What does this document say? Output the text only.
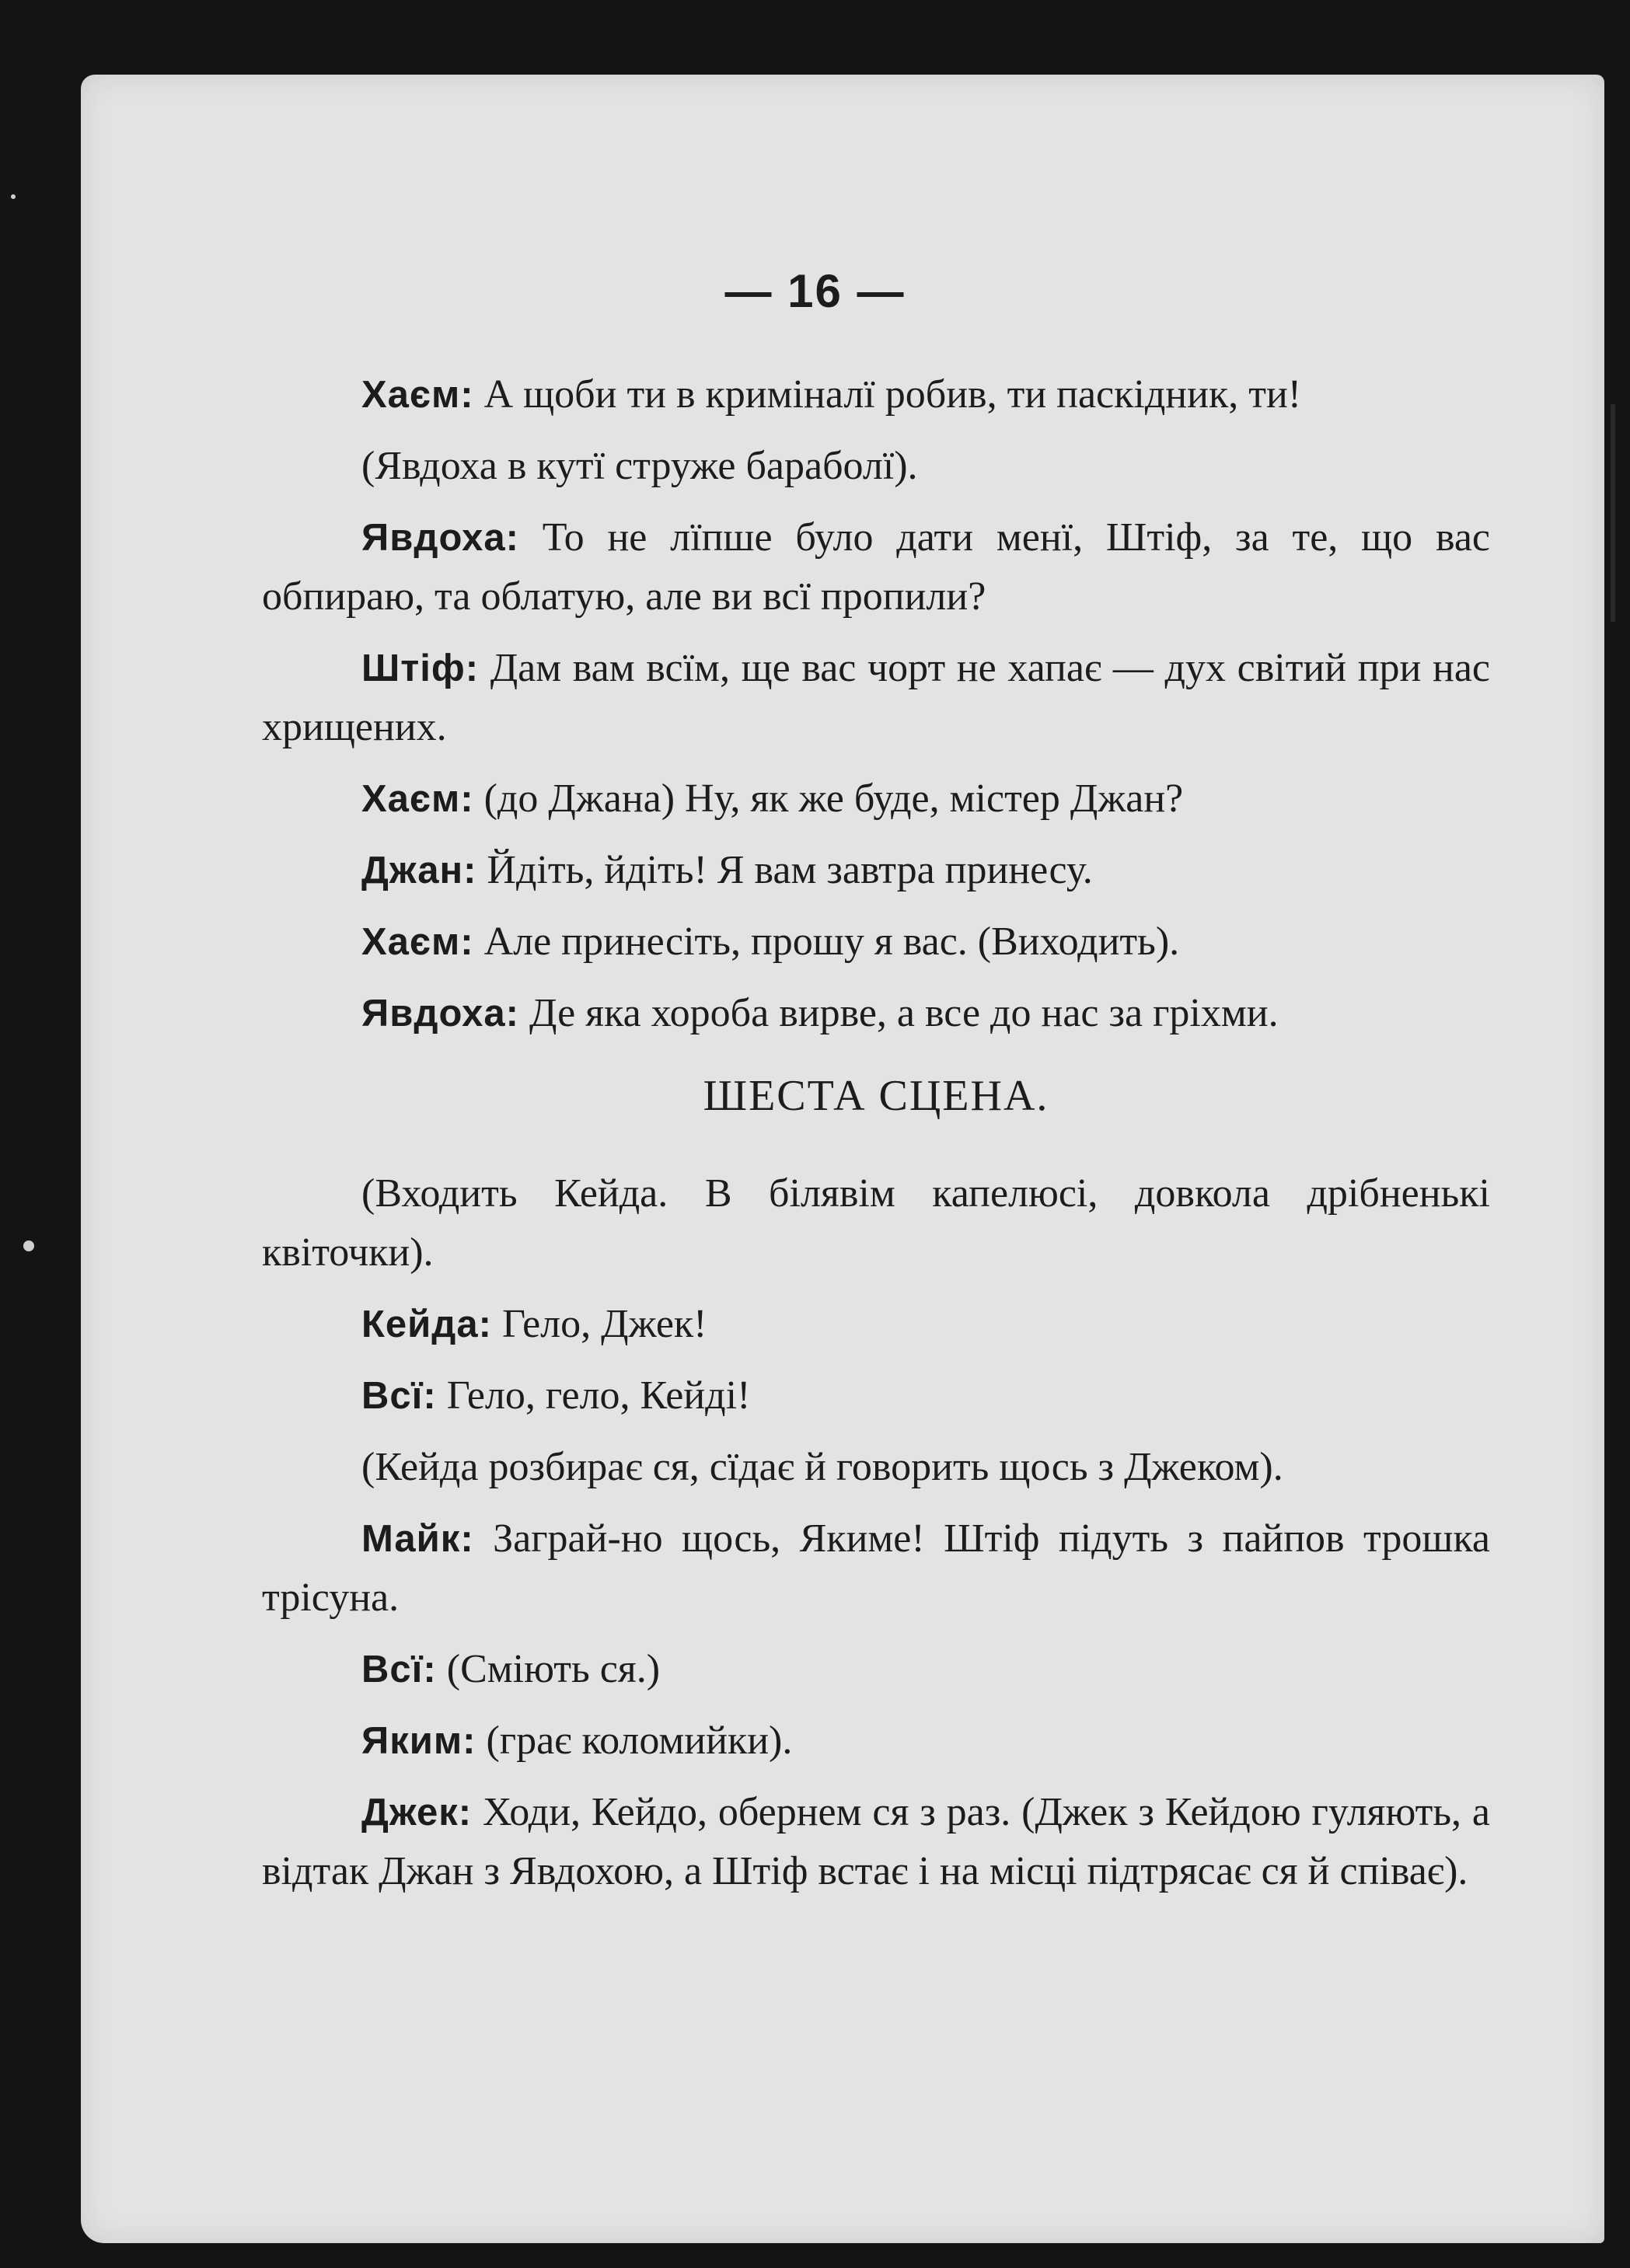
— 16 —

Хаєм: А щоби ти в криміналї робив, ти паскідник, ти!

(Явдоха в кутї струже бараболї).

Явдоха: То не лїпше було дати менї, Штіф, за те, що вас обпираю, та облатую, але ви всї пропили?

Штіф: Дам вам всїм, ще вас чорт не хапає — дух світий при нас хрищених.

Хаєм: (до Джана) Ну, як же буде, містер Джан?

Джан: Йдіть, йдіть! Я вам завтра принесу.

Хаєм: Але принесіть, прошу я вас. (Виходить).

Явдоха: Де яка хороба вирве, а все до нас за гріхми.

ШЕСТА СЦЕНА.

(Входить Кейда. В білявім капелюсі, довкола дрібненькі квіточки).

Кейда: Гело, Джек!

Всї: Гело, гело, Кейді!

(Кейда розбирає ся, сїдає й говорить щось з Джеком).

Майк: Заграй-но щось, Якиме! Штіф підуть з пайпов трошка трісуна.

Всї: (Сміють ся.)

Яким: (грає коломийки).

Джек: Ходи, Кейдо, обернем ся з раз. (Джек з Кейдою гуляють, а відтак Джан з Явдохою, а Штіф встає і на місці підтрясає ся й співає).
